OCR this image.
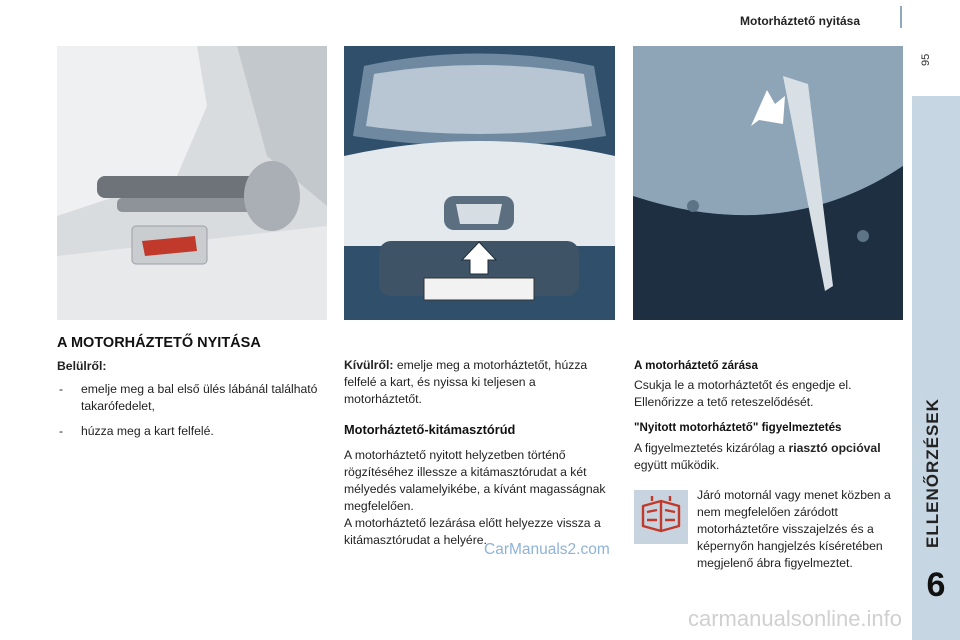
Motorháztető nyitása
95
ELLENŐRZÉSEK
6
A MOTORHÁZTETŐ NYITÁSA
Belülről:
- emelje meg a bal első ülés lábánál található takarófedelet,
- húzza meg a kart felfelé.
Kívülről: emelje meg a motorháztetőt, húzza felfelé a kart, és nyissa ki teljesen a motorháztetőt.
Motorháztető-kitámasztórúd
A motorháztető nyitott helyzetben történő rögzítéséhez illessze a kitámasztórudat a két mélyedés valamelyikébe, a kívánt magasságnak megfelelően.
A motorháztető lezárása előtt helyezze vissza a kitámasztórudat a helyére.
A motorháztető zárása
Csukja le a motorháztetőt és engedje el. Ellenőrizze a tető reteszelődését.
"Nyitott motorháztető" figyelmeztetés
A figyelmeztetés kizárólag a riasztó opcióval együtt működik.
Járó motornál vagy menet közben a nem megfelelően záródott motorháztetőre visszajelzés és a képernyőn hangjelzés kíséretében megjelenő ábra figyelmeztet.
CarManuals2.com
carmanualsonline.info
